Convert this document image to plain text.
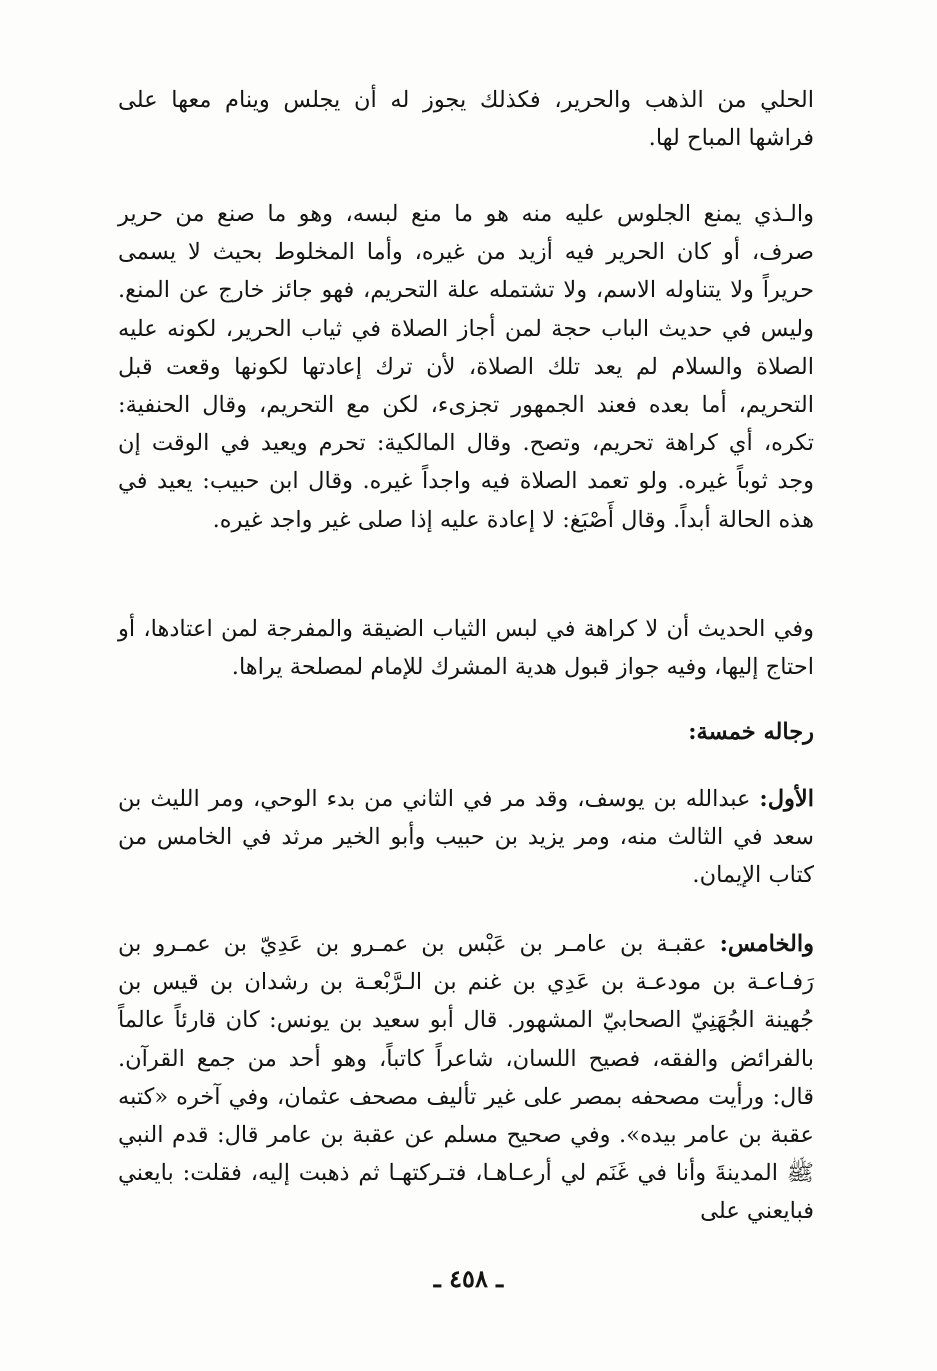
الحلي من الذهب والحرير، فكذلك يجوز له أن يجلس وينام معها على فراشها المباح لها.

والـذي يمنع الجلوس عليه منه هو ما منع لبسه، وهو ما صنع من حرير صرف، أو كان الحرير فيه أزيد من غيره، وأما المخلوط بحيث لا يسمى حريراً ولا يتناوله الاسم، ولا تشتمله علة التحريم، فهو جائز خارج عن المنع. وليس في حديث الباب حجة لمن أجاز الصلاة في ثياب الحرير، لكونه عليه الصلاة والسلام لم يعد تلك الصلاة، لأن ترك إعادتها لكونها وقعت قبل التحريم، أما بعده فعند الجمهور تجزىء، لكن مع التحريم، وقال الحنفية: تكره، أي كراهة تحريم، وتصح. وقال المالكية: تحرم ويعيد في الوقت إن وجد ثوباً غيره. ولو تعمد الصلاة فيه واجداً غيره. وقال ابن حبيب: يعيد في هذه الحالة أبداً. وقال أَصْبَغ: لا إعادة عليه إذا صلى غير واجد غيره.

وفي الحديث أن لا كراهة في لبس الثياب الضيقة والمفرجة لمن اعتادها، أو احتاج إليها، وفيه جواز قبول هدية المشرك للإمام لمصلحة يراها.

رجاله خمسة:

الأول: عبدالله بن يوسف، وقد مر في الثاني من بدء الوحي، ومر الليث بن سعد في الثالث منه، ومر يزيد بن حبيب وأبو الخير مرثد في الخامس من كتاب الإيمان.

والخامس: عقبـة بن عامـر بن عَبْس بن عمـرو بن عَدِيّ بن عمـرو بن رَفـاعـة بن مودعـة بن عَدِي بن غنم بن الـرَّبْعـة بن رشدان بن قيس بن جُهينة الجُهَنِيّ الصحابيّ المشهور. قال أبو سعيد بن يونس: كان قارئاً عالماً بالفرائض والفقه، فصيح اللسان، شاعراً كاتباً، وهو أحد من جمع القرآن. قال: ورأيت مصحفه بمصر على غير تأليف مصحف عثمان، وفي آخره «كتبه عقبة بن عامر بيده». وفي صحيح مسلم عن عقبة بن عامر قال: قدم النبي ﷺ المدينةَ وأنا في غَنَم لي أرعـاهـا، فتـركتهـا ثم ذهبت إليه، فقلت: بايعني فبايعني على

ـ ٤٥٨ ـ
